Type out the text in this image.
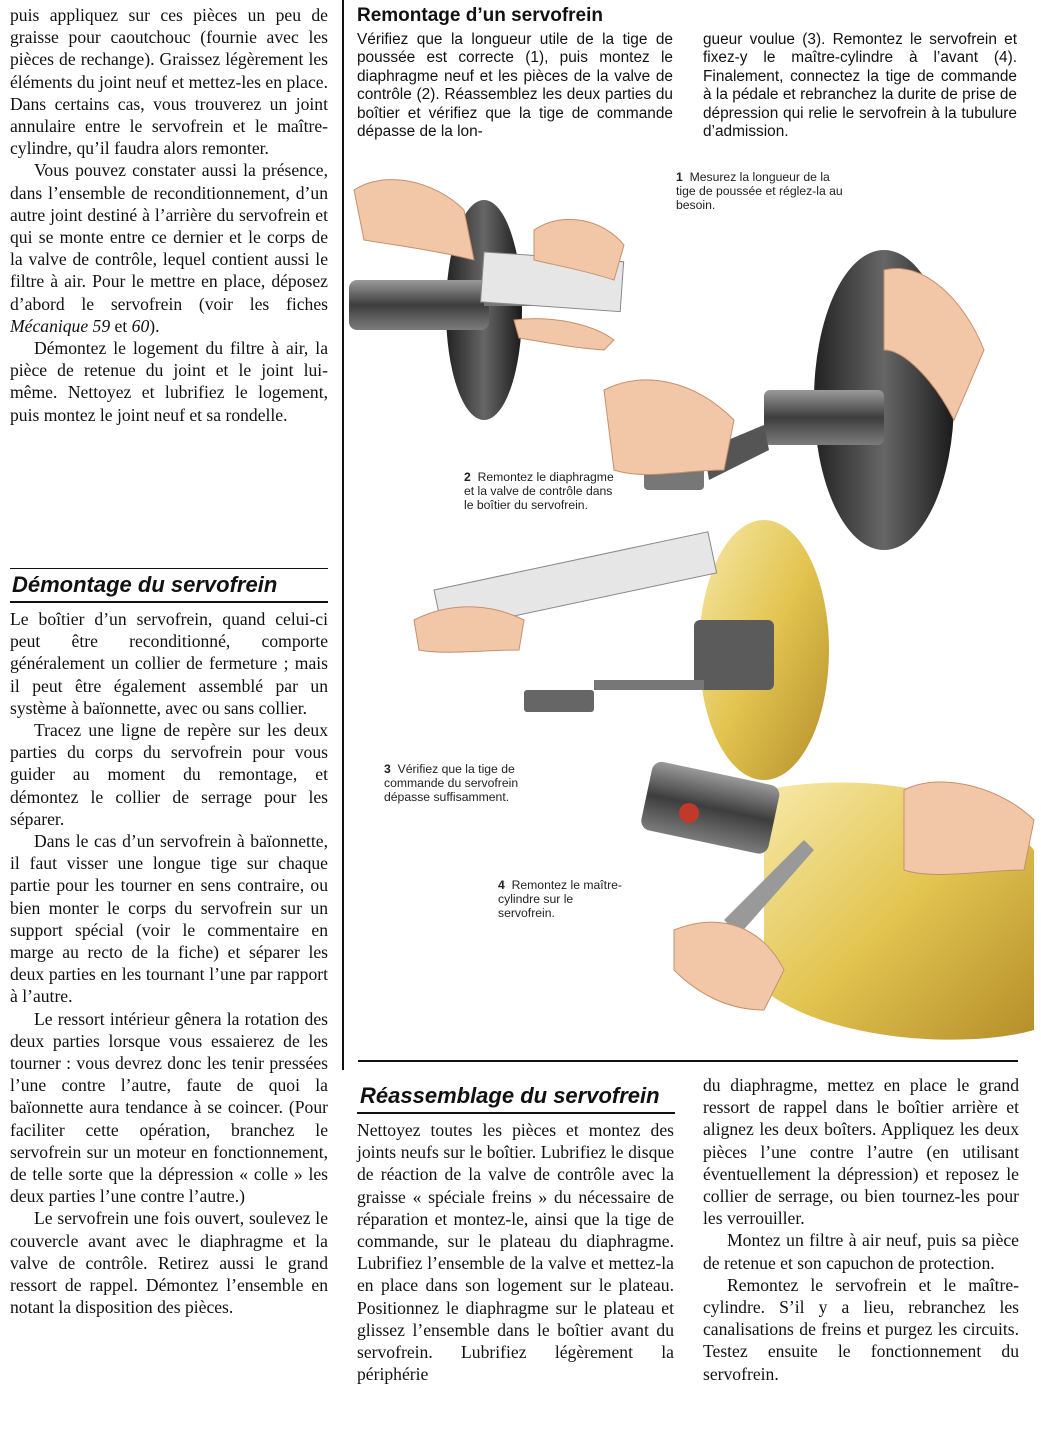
puis appliquez sur ces pièces un peu de graisse pour caoutchouc (fournie avec les pièces de rechange). Graissez légèrement les éléments du joint neuf et mettez-les en place. Dans certains cas, vous trouverez un joint annulaire entre le servofrein et le maître-cylindre, qu’il faudra alors remonter.

Vous pouvez constater aussi la présence, dans l’ensemble de reconditionnement, d’un autre joint destiné à l’arrière du servofrein et qui se monte entre ce dernier et le corps de la valve de contrôle, lequel contient aussi le filtre à air. Pour le mettre en place, déposez d’abord le servofrein (voir les fiches Mécanique 59 et 60).

Démontez le logement du filtre à air, la pièce de retenue du joint et le joint lui-même. Nettoyez et lubrifiez le logement, puis montez le joint neuf et sa rondelle.

Démontage du servofrein

Le boîtier d’un servofrein, quand celui-ci peut être reconditionné, comporte généralement un collier de fermeture ; mais il peut être également assemblé par un système à baïonnette, avec ou sans collier.

Tracez une ligne de repère sur les deux parties du corps du servofrein pour vous guider au moment du remontage, et démontez le collier de serrage pour les séparer.

Dans le cas d’un servofrein à baïonnette, il faut visser une longue tige sur chaque partie pour les tourner en sens contraire, ou bien monter le corps du servofrein sur un support spécial (voir le commentaire en marge au recto de la fiche) et séparer les deux parties en les tournant l’une par rapport à l’autre.

Le ressort intérieur gênera la rotation des deux parties lorsque vous essaierez de les tourner : vous devrez donc les tenir pressées l’une contre l’autre, faute de quoi la baïonnette aura tendance à se coincer. (Pour faciliter cette opération, branchez le servofrein sur un moteur en fonctionnement, de telle sorte que la dépression « colle » les deux parties l’une contre l’autre.)

Le servofrein une fois ouvert, soulevez le couvercle avant avec le diaphragme et la valve de contrôle. Retirez aussi le grand ressort de rappel. Démontez l’ensemble en notant la disposition des pièces.

Remontage d’un servofrein
Vérifiez que la longueur utile de la tige de poussée est correcte (1), puis montez le diaphragme neuf et les pièces de la valve de contrôle (2). Réassemblez les deux parties du boîtier et vérifiez que la tige de commande dépasse de la lon-
gueur voulue (3). Remontez le servofrein et fixez-y le maître-cylindre à l’avant (4). Finalement, connectez la tige de commande à la pédale et rebranchez la durite de prise de dépression qui relie le servofrein à la tubulure d’admission.
1 Mesurez la longueur de la tige de poussée et réglez-la au besoin.
2 Remontez le diaphragme et la valve de contrôle dans le boîtier du servofrein.
3 Vérifiez que la tige de commande du servofrein dépasse suffisamment.
4 Remontez le maître-cylindre sur le servofrein.
Réassemblage du servofrein

Nettoyez toutes les pièces et montez des joints neufs sur le boîtier. Lubrifiez le disque de réaction de la valve de contrôle avec la graisse « spéciale freins » du nécessaire de réparation et montez-le, ainsi que la tige de commande, sur le plateau du diaphragme. Lubrifiez l’ensemble de la valve et mettez-la en place dans son logement sur le plateau. Positionnez le diaphragme sur le plateau et glissez l’ensemble dans le boîtier avant du servofrein. Lubrifiez légèrement la périphérie

du diaphragme, mettez en place le grand ressort de rappel dans le boîtier arrière et alignez les deux boîters. Appliquez les deux pièces l’une contre l’autre (en utilisant éventuellement la dépression) et reposez le collier de serrage, ou bien tournez-les pour les verrouiller.

Montez un filtre à air neuf, puis sa pièce de retenue et son capuchon de protection.

Remontez le servofrein et le maître-cylindre. S’il y a lieu, rebranchez les canalisations de freins et purgez les circuits. Testez ensuite le fonctionnement du servofrein.
